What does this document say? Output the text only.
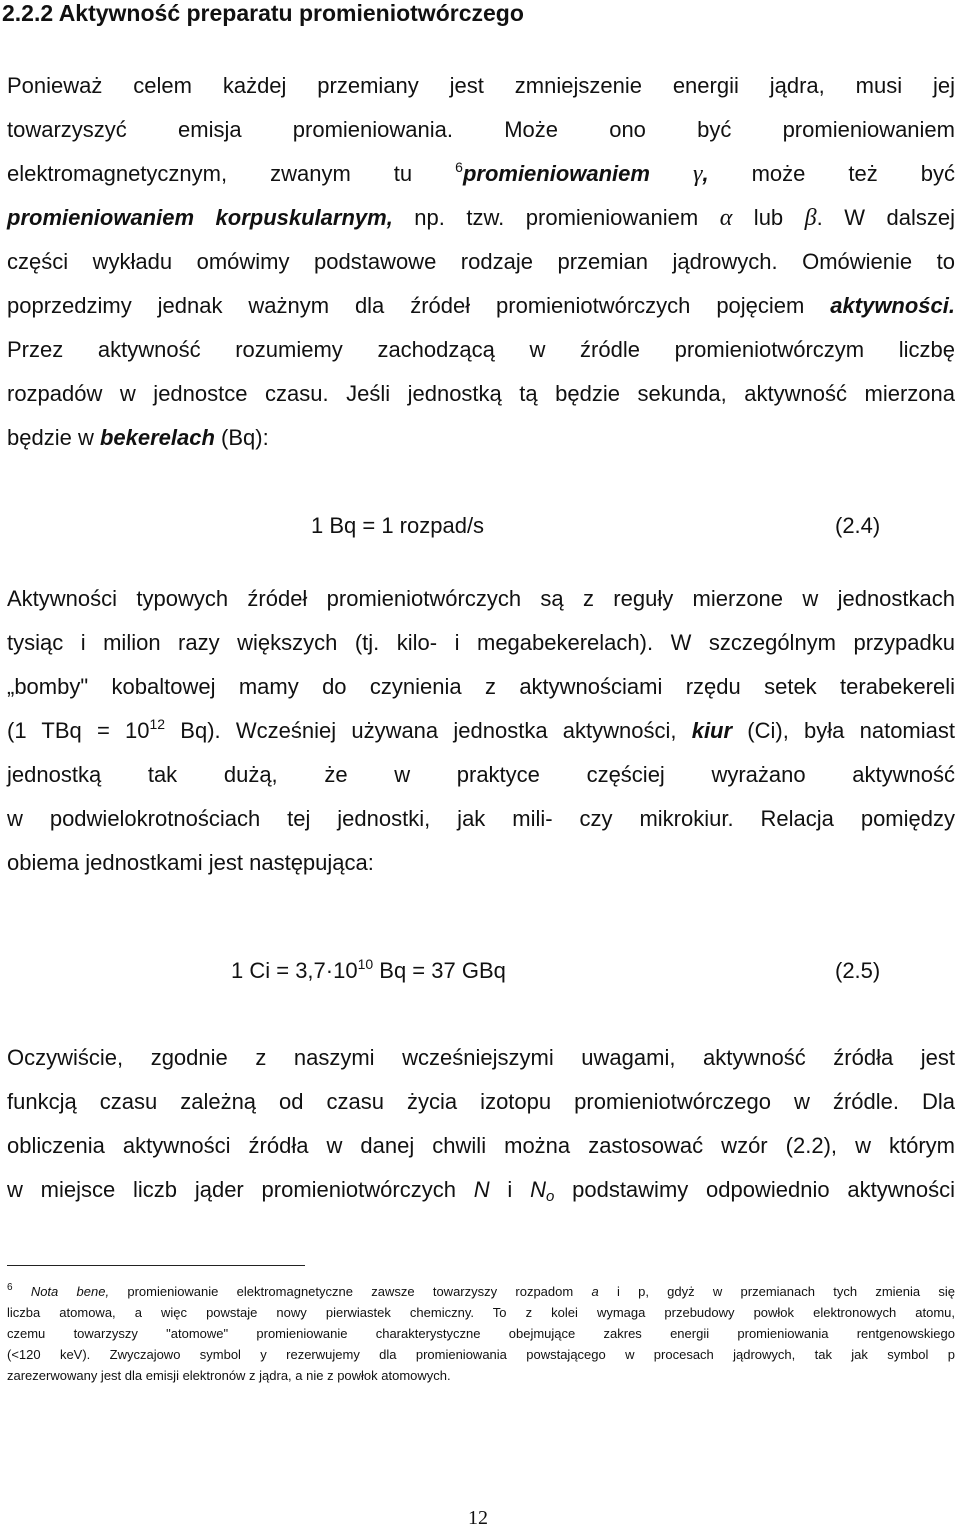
2.2.2 Aktywność preparatu promieniotwórczego
Ponieważ celem każdej przemiany jest zmniejszenie energii jądra, musi jej
towarzyszyć emisja promieniowania. Może ono być promieniowaniem
elektromagnetycznym, zwanym tu $^6$promieniowaniem γ, może też być
promieniowaniem korpuskularnym, np. tzw. promieniowaniem α lub β. W dalszej
części wykładu omówimy podstawowe rodzaje przemian jądrowych. Omówienie to
poprzedzimy jednak ważnym dla źródeł promieniotwórczych pojęciem aktywności.
Przez aktywność rozumiemy zachodzącą w źródle promieniotwórczym liczbę
rozpadów w jednostce czasu. Jeśli jednostką tą będzie sekunda, aktywność mierzona
będzie w bekerelach (Bq):

1 Bq = 1 rozpad/s	(2.4)

Aktywności typowych źródeł promieniotwórczych są z reguły mierzone w jednostkach
tysiąc i milion razy większych (tj. kilo- i megabekerelach). W szczególnym przypadku
„bomby" kobaltowej mamy do czynienia z aktywnościami rzędu setek terabekereli
(1 TBq = $10^{12}$ Bq). Wcześniej używana jednostka aktywności, kiur (Ci), była natomiast
jednostką tak dużą, że w praktyce częściej wyrażano aktywność
w podwielokrotnościach tej jednostki, jak mili- czy mikrokiur. Relacja pomiędzy
obiema jednostkami jest następująca:

1 $Ci = 3,7\cdot 10^{10}$ Bq = 37 GBq	(2.5)

Oczywiście, zgodnie z naszymi wcześniejszymi uwagami, aktywność źródła jest
funkcją czasu zależną od czasu życia izotopu promieniotwórczego w źródle. Dla
obliczenia aktywności źródła w danej chwili można zastosować wzór (2.2), w którym
w miejsce liczb jąder promieniotwórczych N i $N_o$ podstawimy odpowiednio aktywności
$^6$ Nota bene, promieniowanie elektromagnetyczne zawsze towarzyszy rozpadom a i p, gdyż w przemianach tych zmienia się
liczba atomowa, a więc powstaje nowy pierwiastek chemiczny. To z kolei wymaga przebudowy powłok elektronowych atomu,
czemu towarzyszy "atomowe" promieniowanie charakterystyczne obejmujące zakres energii promieniowania rentgenowskiego
(<120 keV). Zwyczajowo symbol y rezerwujemy dla promieniowania powstającego w procesach jądrowych, tak jak symbol p
zarezerwowany jest dla emisji elektronów z jądra, a nie z powłok atomowych.

12
